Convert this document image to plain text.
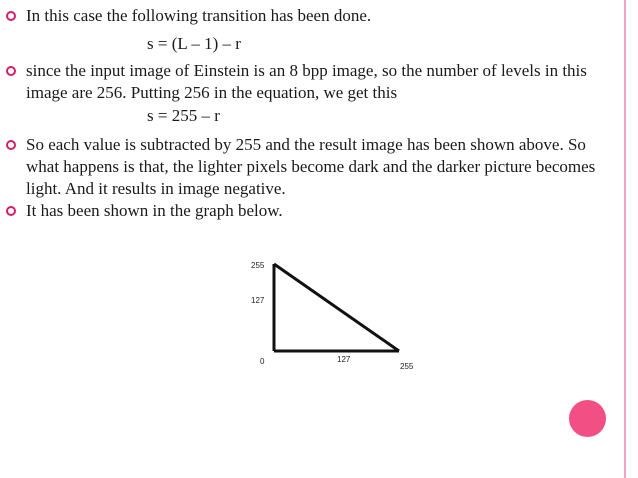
In this case the following transition has been done.
s = (L – 1) – r
since the input image of Einstein is an 8 bpp image, so the number of levels in this
image are 256. Putting 256 in the equation, we get this
s = 255 – r
So each value is subtracted by 255 and the result image has been shown above. So
what happens is that, the lighter pixels become dark and the darker picture becomes
light. And it results in image negative.
It has been shown in the graph below.
255
127
0	127
255
